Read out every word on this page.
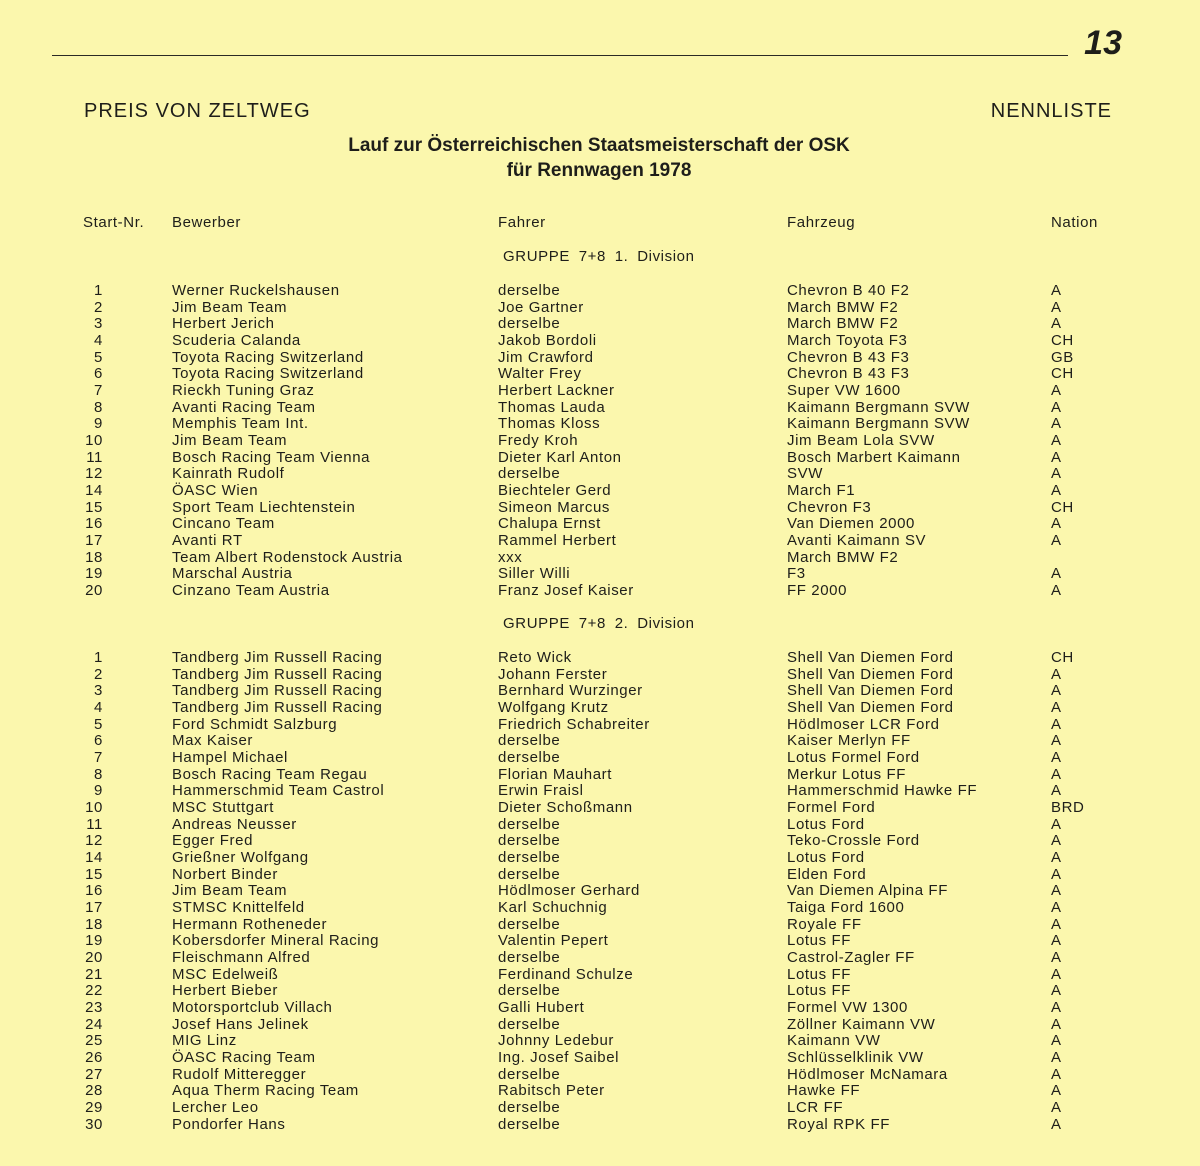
13
PREIS VON ZELTWEG	NENNLISTE
Lauf zur Österreichischen Staatsmeisterschaft der OSK
für Rennwagen 1978
Start-Nr. Bewerber	Fahrer	Fahrzeug	Nation
GRUPPE 7+8 1. Division
1	Werner Ruckelshausen	derselbe	Chevron B 40 F2	A
2	Jim Beam Team	Joe Gartner	March BMW F2	A
3	Herbert Jerich	derselbe	March BMW F2	A
4	Scuderia Calanda	Jakob Bordoli	March Toyota F3	CH
5	Toyota Racing Switzerland	Jim Crawford	Chevron B 43 F3	GB
6	Toyota Racing Switzerland	Walter Frey	Chevron B 43 F3	CH
7	Rieckh Tuning Graz	Herbert Lackner	Super VW 1600	A
8	Avanti Racing Team	Thomas Lauda	Kaimann Bergmann SVW	A
9	Memphis Team Int.	Thomas Kloss	Kaimann Bergmann SVW	A
10	Jim Beam Team	Fredy Kroh	Jim Beam Lola SVW	A
11	Bosch Racing Team Vienna	Dieter Karl Anton	Bosch Marbert Kaimann	A
12	Kainrath Rudolf	derselbe	SVW	A
14	ÖASC Wien	Biechteler Gerd	March F1	A
15	Sport Team Liechtenstein	Simeon Marcus	Chevron F3	CH
16	Cincano Team	Chalupa Ernst	Van Diemen 2000	A
17	Avanti RT	Rammel Herbert	Avanti Kaimann SV	A
18	Team Albert Rodenstock Austria	xxx	March BMW F2
19	Marschal Austria	Siller Willi	F3	A
20	Cinzano Team Austria	Franz Josef Kaiser	FF 2000	A
GRUPPE 7+8 2. Division
1	Tandberg Jim Russell Racing	Reto Wick	Shell Van Diemen Ford	CH
2	Tandberg Jim Russell Racing	Johann Ferster	Shell Van Diemen Ford	A
3	Tandberg Jim Russell Racing	Bernhard Wurzinger	Shell Van Diemen Ford	A
4	Tandberg Jim Russell Racing	Wolfgang Krutz	Shell Van Diemen Ford	A
5	Ford Schmidt Salzburg	Friedrich Schabreiter	Hödlmoser LCR Ford	A
6	Max Kaiser	derselbe	Kaiser Merlyn FF	A
7	Hampel Michael	derselbe	Lotus Formel Ford	A
8	Bosch Racing Team Regau	Florian Mauhart	Merkur Lotus FF	A
9	Hammerschmid Team Castrol	Erwin Fraisl	Hammerschmid Hawke FF	A
10	MSC Stuttgart	Dieter Schoßmann	Formel Ford	BRD
11	Andreas Neusser	derselbe	Lotus Ford	A
12	Egger Fred	derselbe	Teko-Crossle Ford	A
14	Grießner Wolfgang	derselbe	Lotus Ford	A
15	Norbert Binder	derselbe	Elden Ford	A
16	Jim Beam Team	Hödlmoser Gerhard	Van Diemen Alpina FF	A
17	STMSC Knittelfeld	Karl Schuchnig	Taiga Ford 1600	A
18	Hermann Rotheneder	derselbe	Royale FF	A
19	Kobersdorfer Mineral Racing	Valentin Pepert	Lotus FF	A
20	Fleischmann Alfred	derselbe	Castrol-Zagler FF	A
21	MSC Edelweiß	Ferdinand Schulze	Lotus FF	A
22	Herbert Bieber	derselbe	Lotus FF	A
23	Motorsportclub Villach	Galli Hubert	Formel VW 1300	A
24	Josef Hans Jelinek	derselbe	Zöllner Kaimann VW	A
25	MIG Linz	Johnny Ledebur	Kaimann VW	A
26	ÖASC Racing Team	Ing. Josef Saibel	Schlüsselklinik VW	A
27	Rudolf Mitteregger	derselbe	Hödlmoser McNamara	A
28	Aqua Therm Racing Team	Rabitsch Peter	Hawke FF	A
29	Lercher Leo	derselbe	LCR FF	A
30	Pondorfer Hans	derselbe	Royal RPK FF	A
